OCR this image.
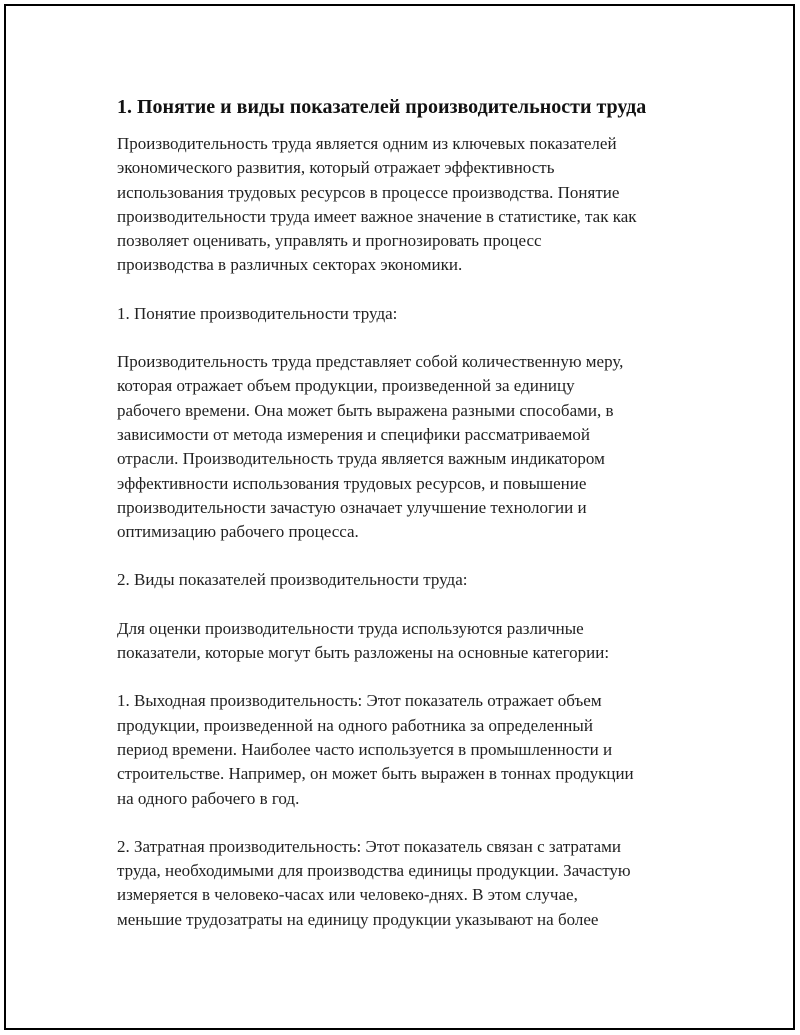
1. Понятие и виды показателей производительности труда

Производительность труда является одним из ключевых показателей
экономического развития, который отражает эффективность
использования трудовых ресурсов в процессе производства. Понятие
производительности труда имеет важное значение в статистике, так как
позволяет оценивать, управлять и прогнозировать процесс
производства в различных секторах экономики.

1. Понятие производительности труда:

Производительность труда представляет собой количественную меру,
которая отражает объем продукции, произведенной за единицу
рабочего времени. Она может быть выражена разными способами, в
зависимости от метода измерения и специфики рассматриваемой
отрасли. Производительность труда является важным индикатором
эффективности использования трудовых ресурсов, и повышение
производительности зачастую означает улучшение технологии и
оптимизацию рабочего процесса.

2. Виды показателей производительности труда:

Для оценки производительности труда используются различные
показатели, которые могут быть разложены на основные категории:

1. Выходная производительность: Этот показатель отражает объем
продукции, произведенной на одного работника за определенный
период времени. Наиболее часто используется в промышленности и
строительстве. Например, он может быть выражен в тоннах продукции
на одного рабочего в год.

2. Затратная производительность: Этот показатель связан с затратами
труда, необходимыми для производства единицы продукции. Зачастую
измеряется в человеко-часах или человеко-днях. В этом случае,
меньшие трудозатраты на единицу продукции указывают на более
